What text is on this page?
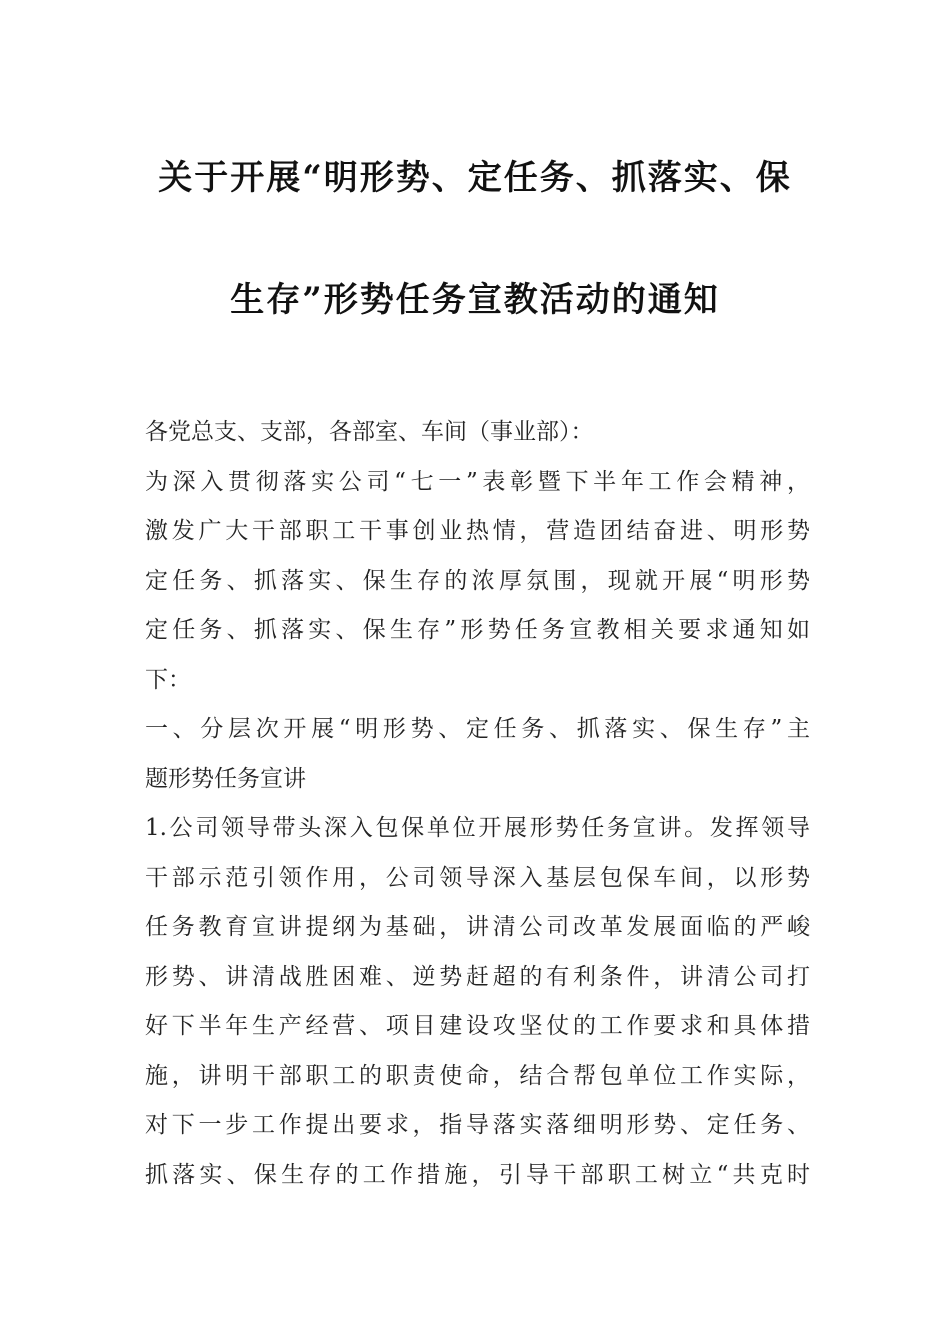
关于开展“明形势、定任务、抓落实、保
生存”形势任务宣教活动的通知
各党总支、支部，各部室、车间（事业部）：
为深入贯彻落实公司“七一”表彰暨下半年工作会精神，
激发广大干部职工干事创业热情，营造团结奋进、明形势
定任务、抓落实、保生存的浓厚氛围，现就开展“明形势
定任务、抓落实、保生存”形势任务宣教相关要求通知如
下：
一、分层次开展“明形势、定任务、抓落实、保生存”主
题形势任务宣讲
1.公司领导带头深入包保单位开展形势任务宣讲。发挥领导
干部示范引领作用，公司领导深入基层包保车间，以形势
任务教育宣讲提纲为基础，讲清公司改革发展面临的严峻
形势、讲清战胜困难、逆势赶超的有利条件，讲清公司打
好下半年生产经营、项目建设攻坚仗的工作要求和具体措
施，讲明干部职工的职责使命，结合帮包单位工作实际，
对下一步工作提出要求，指导落实落细明形势、定任务、
抓落实、保生存的工作措施，引导干部职工树立“共克时
